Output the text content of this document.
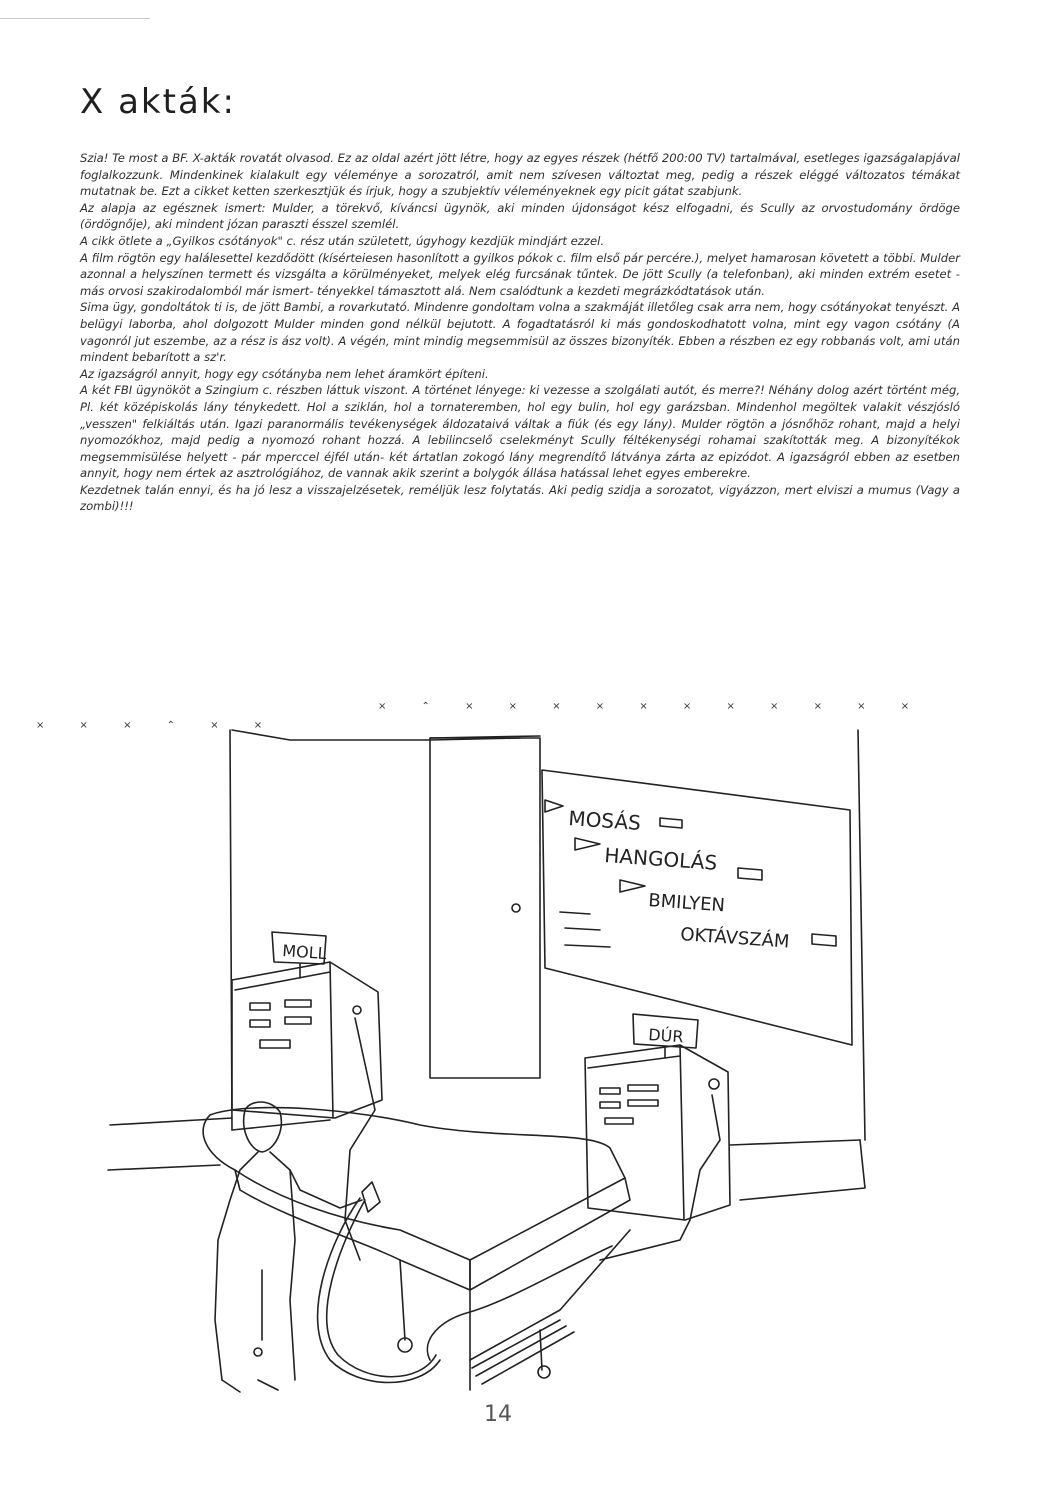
X akták:

Szia! Te most a BF. X-akták rovatát olvasod. Ez az oldal azért jött létre, hogy az egyes részek (hétfő 200:00 TV) tartalmával, esetleges igazságalapjával foglalkozzunk. Mindenkinek kialakult egy véleménye a sorozatról, amit nem szívesen változtat meg, pedig a részek eléggé változatos témákat mutatnak be. Ezt a cikket ketten szerkesztjük és írjuk, hogy a szubjektív véleményeknek egy picit gátat szabjunk.

Az alapja az egésznek ismert: Mulder, a törekvő, kíváncsi ügynök, aki minden újdonságot kész elfogadni, és Scully az orvostudomány ördöge (ördögnője), aki mindent józan paraszti ésszel szemlél.

A cikk ötlete a „Gyilkos csótányok" c. rész után született, úgyhogy kezdjük mindjárt ezzel.

A film rögtön egy halálesettel kezdődött (kísérteiesen hasonlított a gyilkos pókok c. film első pár percére.), melyet hamarosan követett a többi. Mulder azonnal a helyszínen termett és vizsgálta a körülményeket, melyek elég furcsának tűntek. De jött Scully (a telefonban), aki minden extrém esetet -más orvosi szakirodalomból már ismert- tényekkel támasztott alá. Nem csalódtunk a kezdeti megrázkódtatások után.

Sima ügy, gondoltátok ti is, de jött Bambi, a rovarkutató. Mindenre gondoltam volna a szakmáját illetőleg csak arra nem, hogy csótányokat tenyészt. A belügyi laborba, ahol dolgozott Mulder minden gond nélkül bejutott. A fogadtatásról ki más gondoskodhatott volna, mint egy vagon csótány (A vagonról jut eszembe, az a rész is ász volt). A végén, mint mindig megsemmisül az összes bizonyíték. Ebben a részben ez egy robbanás volt, ami után mindent bebarított a sz'r.

Az igazságról annyit, hogy egy csótányba nem lehet áramkört építeni.

A két FBI ügynököt a Szingium c. részben láttuk viszont. A történet lényege: ki vezesse a szolgálati autót, és merre?! Néhány dolog azért történt még, Pl. két középiskolás lány ténykedett. Hol a sziklán, hol a tornateremben, hol egy bulin, hol egy garázsban. Mindenhol megöltek valakit vészjósló „vesszen" felkiáltás után. Igazi paranormális tevékenységek áldozataivá váltak a fiúk (és egy lány). Mulder rögtön a jósnőhöz rohant, majd a helyi nyomozókhoz, majd pedig a nyomozó rohant hozzá. A lebilincselő cselekményt Scully féltékenységi rohamai szakították meg. A bizonyítékok megsemmisülése helyett - pár mperccel éjfél után- két ártatlan zokogó lány megrendítő látványa zárta az epizódot. A igazságról ebben az esetben annyit, hogy nem értek az asztrológiához, de vannak akik szerint a bolygók állása hatással lehet egyes emberekre.

Kezdetnek talán ennyi, és ha jó lesz a visszajelzésetek, reméljük lesz folytatás. Aki pedig szidja a sorozatot, vigyázzon, mert elviszi a mumus (Vagy a zombi)!!!

× ⌃ × × × × × × × × × × ×
× × × ⌃ × ×
MOSÁS
HANGOLÁS
BMILYEN
OKTÁVSZÁM
MOLL
DÚR
14
